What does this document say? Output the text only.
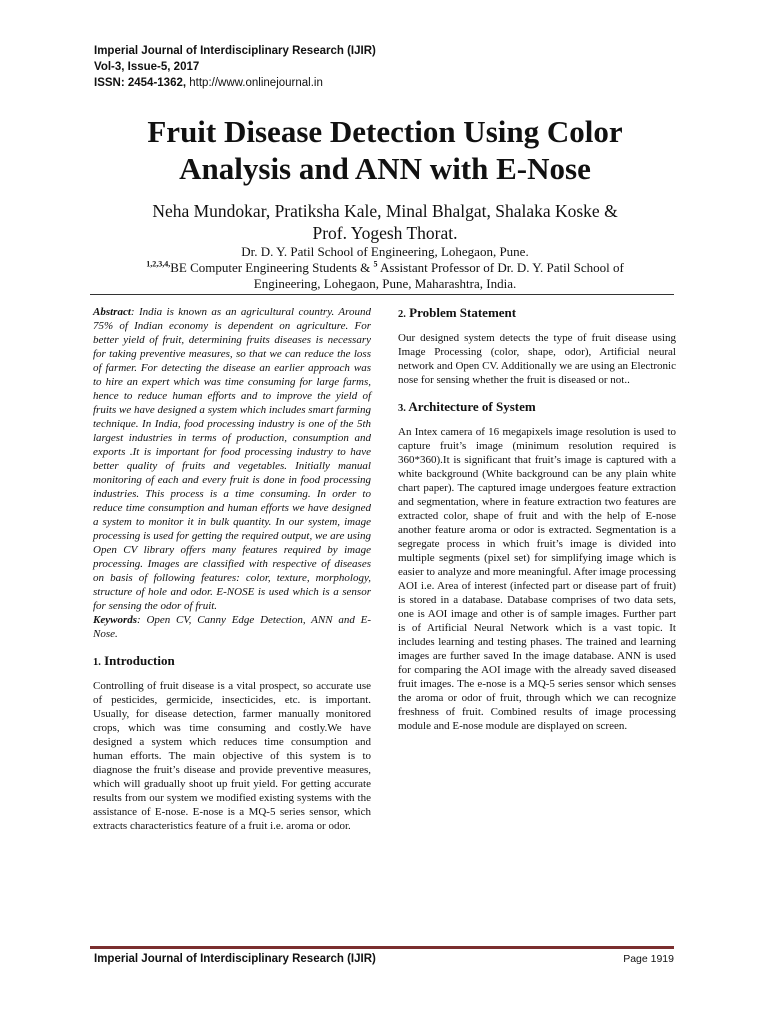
Imperial Journal of Interdisciplinary Research (IJIR)
Vol-3, Issue-5, 2017
ISSN: 2454-1362, http://www.onlinejournal.in
Fruit Disease Detection Using Color
Analysis and ANN with E-Nose
Neha Mundokar, Pratiksha Kale, Minal Bhalgat, Shalaka Koske &
Prof. Yogesh Thorat.
Dr. D. Y. Patil School of Engineering, Lohegaon, Pune.
$^{1,2,3,4,}$BE Computer Engineering Students & $^5$ Assistant Professor of Dr. D. Y. Patil School of
Engineering, Lohegaon, Pune, Maharashtra, India.

Abstract: India is known as an agricultural country. Around 75% of Indian economy is dependent on agriculture. For better yield of fruit, determining fruits diseases is necessary for taking preventive measures, so that we can reduce the loss of farmer. For detecting the disease an earlier approach was to hire an expert which was time consuming for large farms, hence to reduce human efforts and to improve the yield of fruits we have designed a system which includes smart farming technique. In India, food processing industry is one of the 5th largest industries in terms of production, consumption and exports .It is important for food processing industry to have better quality of fruits and vegetables. Initially manual monitoring of each and every fruit is done in food processing industries. This process is a time consuming. In order to reduce time consumption and human efforts we have designed a system to monitor it in bulk quantity. In our system, image processing is used for getting the required output, we are using Open CV library offers many features required by image processing. Images are classified with respective of diseases on basis of following features: color, texture, morphology, structure of hole and odor. E-NOSE is used which is a sensor for sensing the odor of fruit.

Keywords: Open CV, Canny Edge Detection, ANN and E-Nose.

1. Introduction

Controlling of fruit disease is a vital prospect, so accurate use of pesticides, germicide, insecticides, etc. is important. Usually, for disease detection, farmer manually monitored crops, which was time consuming and costly.We have designed a system which reduces time consumption and human efforts. The main objective of this system is to diagnose the fruit’s disease and provide preventive measures, which will gradually shoot up fruit yield. For getting accurate results from our system we modified existing systems with the assistance of E-nose. E-nose is a MQ-5 series sensor, which extracts characteristics feature of a fruit i.e. aroma or odor.

2. Problem Statement

Our designed system detects the type of fruit disease using Image Processing (color, shape, odor), Artificial neural network and Open CV. Additionally we are using an Electronic nose for sensing whether the fruit is diseased or not..

3. Architecture of System

An Intex camera of 16 megapixels image resolution is used to capture fruit’s image (minimum resolution required is 360*360).It is significant that fruit’s image is captured with a white background (White background can be any plain white chart paper). The captured image undergoes feature extraction and segmentation, where in feature extraction two features are extracted color, shape of fruit and with the help of E-nose another feature aroma or odor is extracted. Segmentation is a segregate process in which fruit’s image is divided into multiple segments (pixel set) for simplifying image which is easier to analyze and more meaningful. After image processing AOI i.e. Area of interest (infected part or disease part of fruit) is stored in a database. Database comprises of two data sets, one is AOI image and other is of sample images. Further part is of Artificial Neural Network which is a vast topic. It includes learning and testing phases. The trained and learning images are further saved In the image database. ANN is used for comparing the AOI image with the already saved diseased fruit images. The e-nose is a MQ-5 series sensor which senses the aroma or odor of fruit, through which we can recognize freshness of fruit. Combined results of image processing module and E-nose module are displayed on screen.

Imperial Journal of Interdisciplinary Research (IJIR)	Page 1919
